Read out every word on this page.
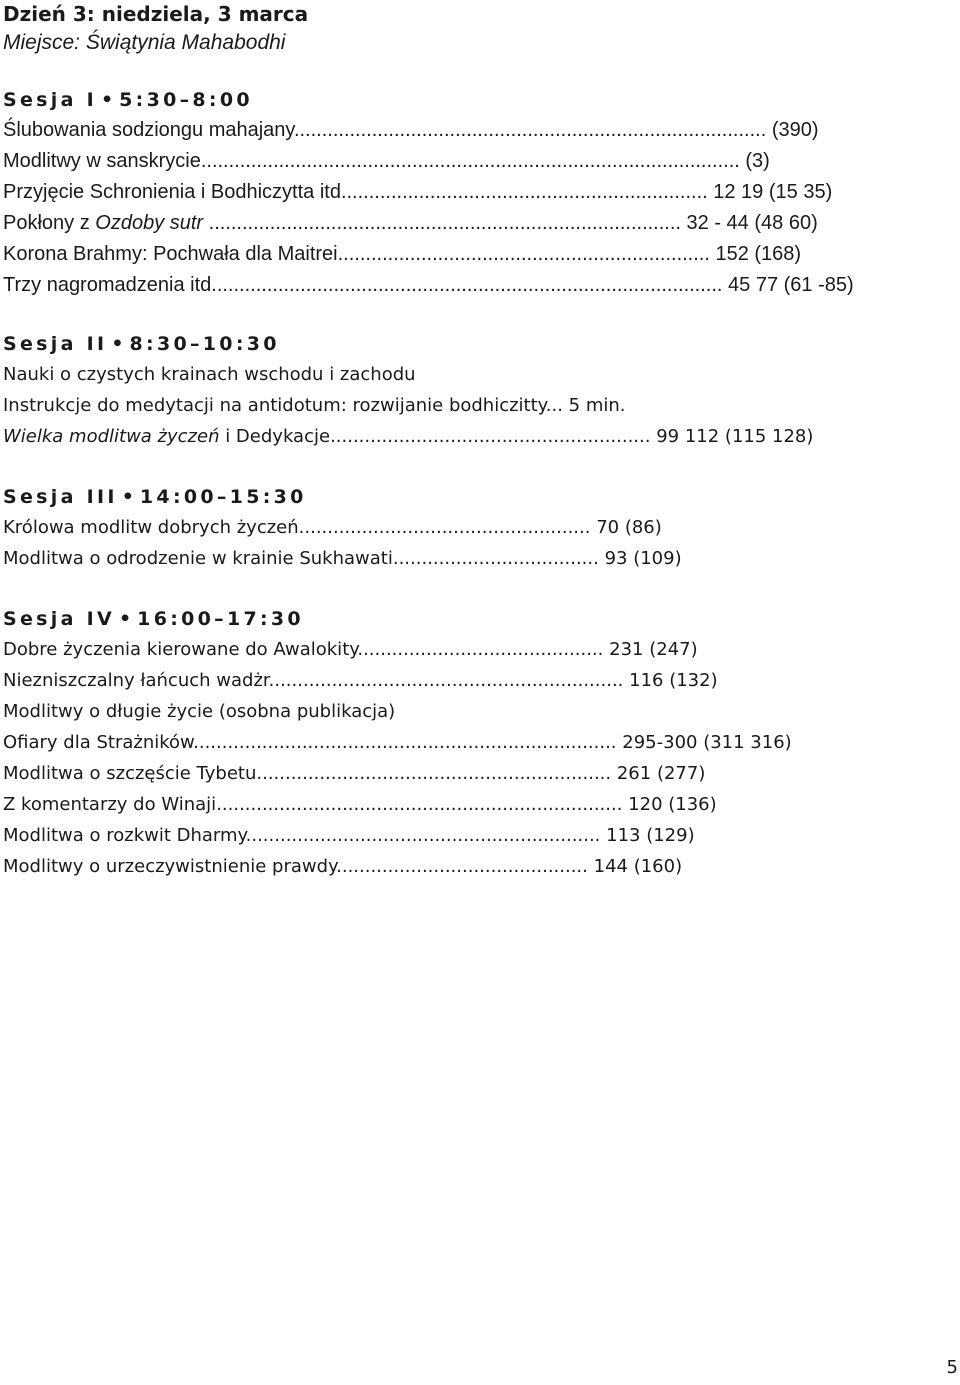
Dzień 3: niedziela, 3 marca
Miejsce: Świątynia Mahabodhi
Sesja I • 5:30–8:00
Ślubowania sodziongu mahajany..................................................................................... (390)
Modlitwy w sanskrycie................................................................................................. (3)
Przyjęcie Schronienia i Bodhiczytta itd.................................................................. 12 19 (15 35)
Pokłony z Ozdoby sutr ..................................................................................... 32 - 44 (48 60)
Korona Brahmy: Pochwała dla Maitrei................................................................... 152 (168)
Trzy nagromadzenia itd............................................................................................ 45 77 (61 -85)
Sesja II • 8:30–10:30
Nauki o czystych krainach wschodu i zachodu
Instrukcje do medytacji na antidotum: rozwijanie bodhiczitty... 5 min.
Wielka modlitwa życzeń i Dedykacje........................................................ 99 112 (115 128)
Sesja III • 14:00–15:30
Królowa modlitw dobrych życzeń................................................... 70 (86)
Modlitwa o odrodzenie w krainie Sukhawati.................................... 93 (109)
Sesja IV • 16:00–17:30
Dobre życzenia kierowane do Awalokity........................................... 231 (247)
Niezniszczalny łańcuch wadżr.............................................................. 116 (132)
Modlitwy o długie życie (osobna publikacja)
Ofiary dla Strażników.......................................................................... 295-300 (311 316)
Modlitwa o szczęście Tybetu.............................................................. 261 (277)
Z komentarzy do Winaji....................................................................... 120 (136)
Modlitwa o rozkwit Dharmy.............................................................. 113 (129)
Modlitwy o urzeczywistnienie prawdy............................................ 144 (160)
5
